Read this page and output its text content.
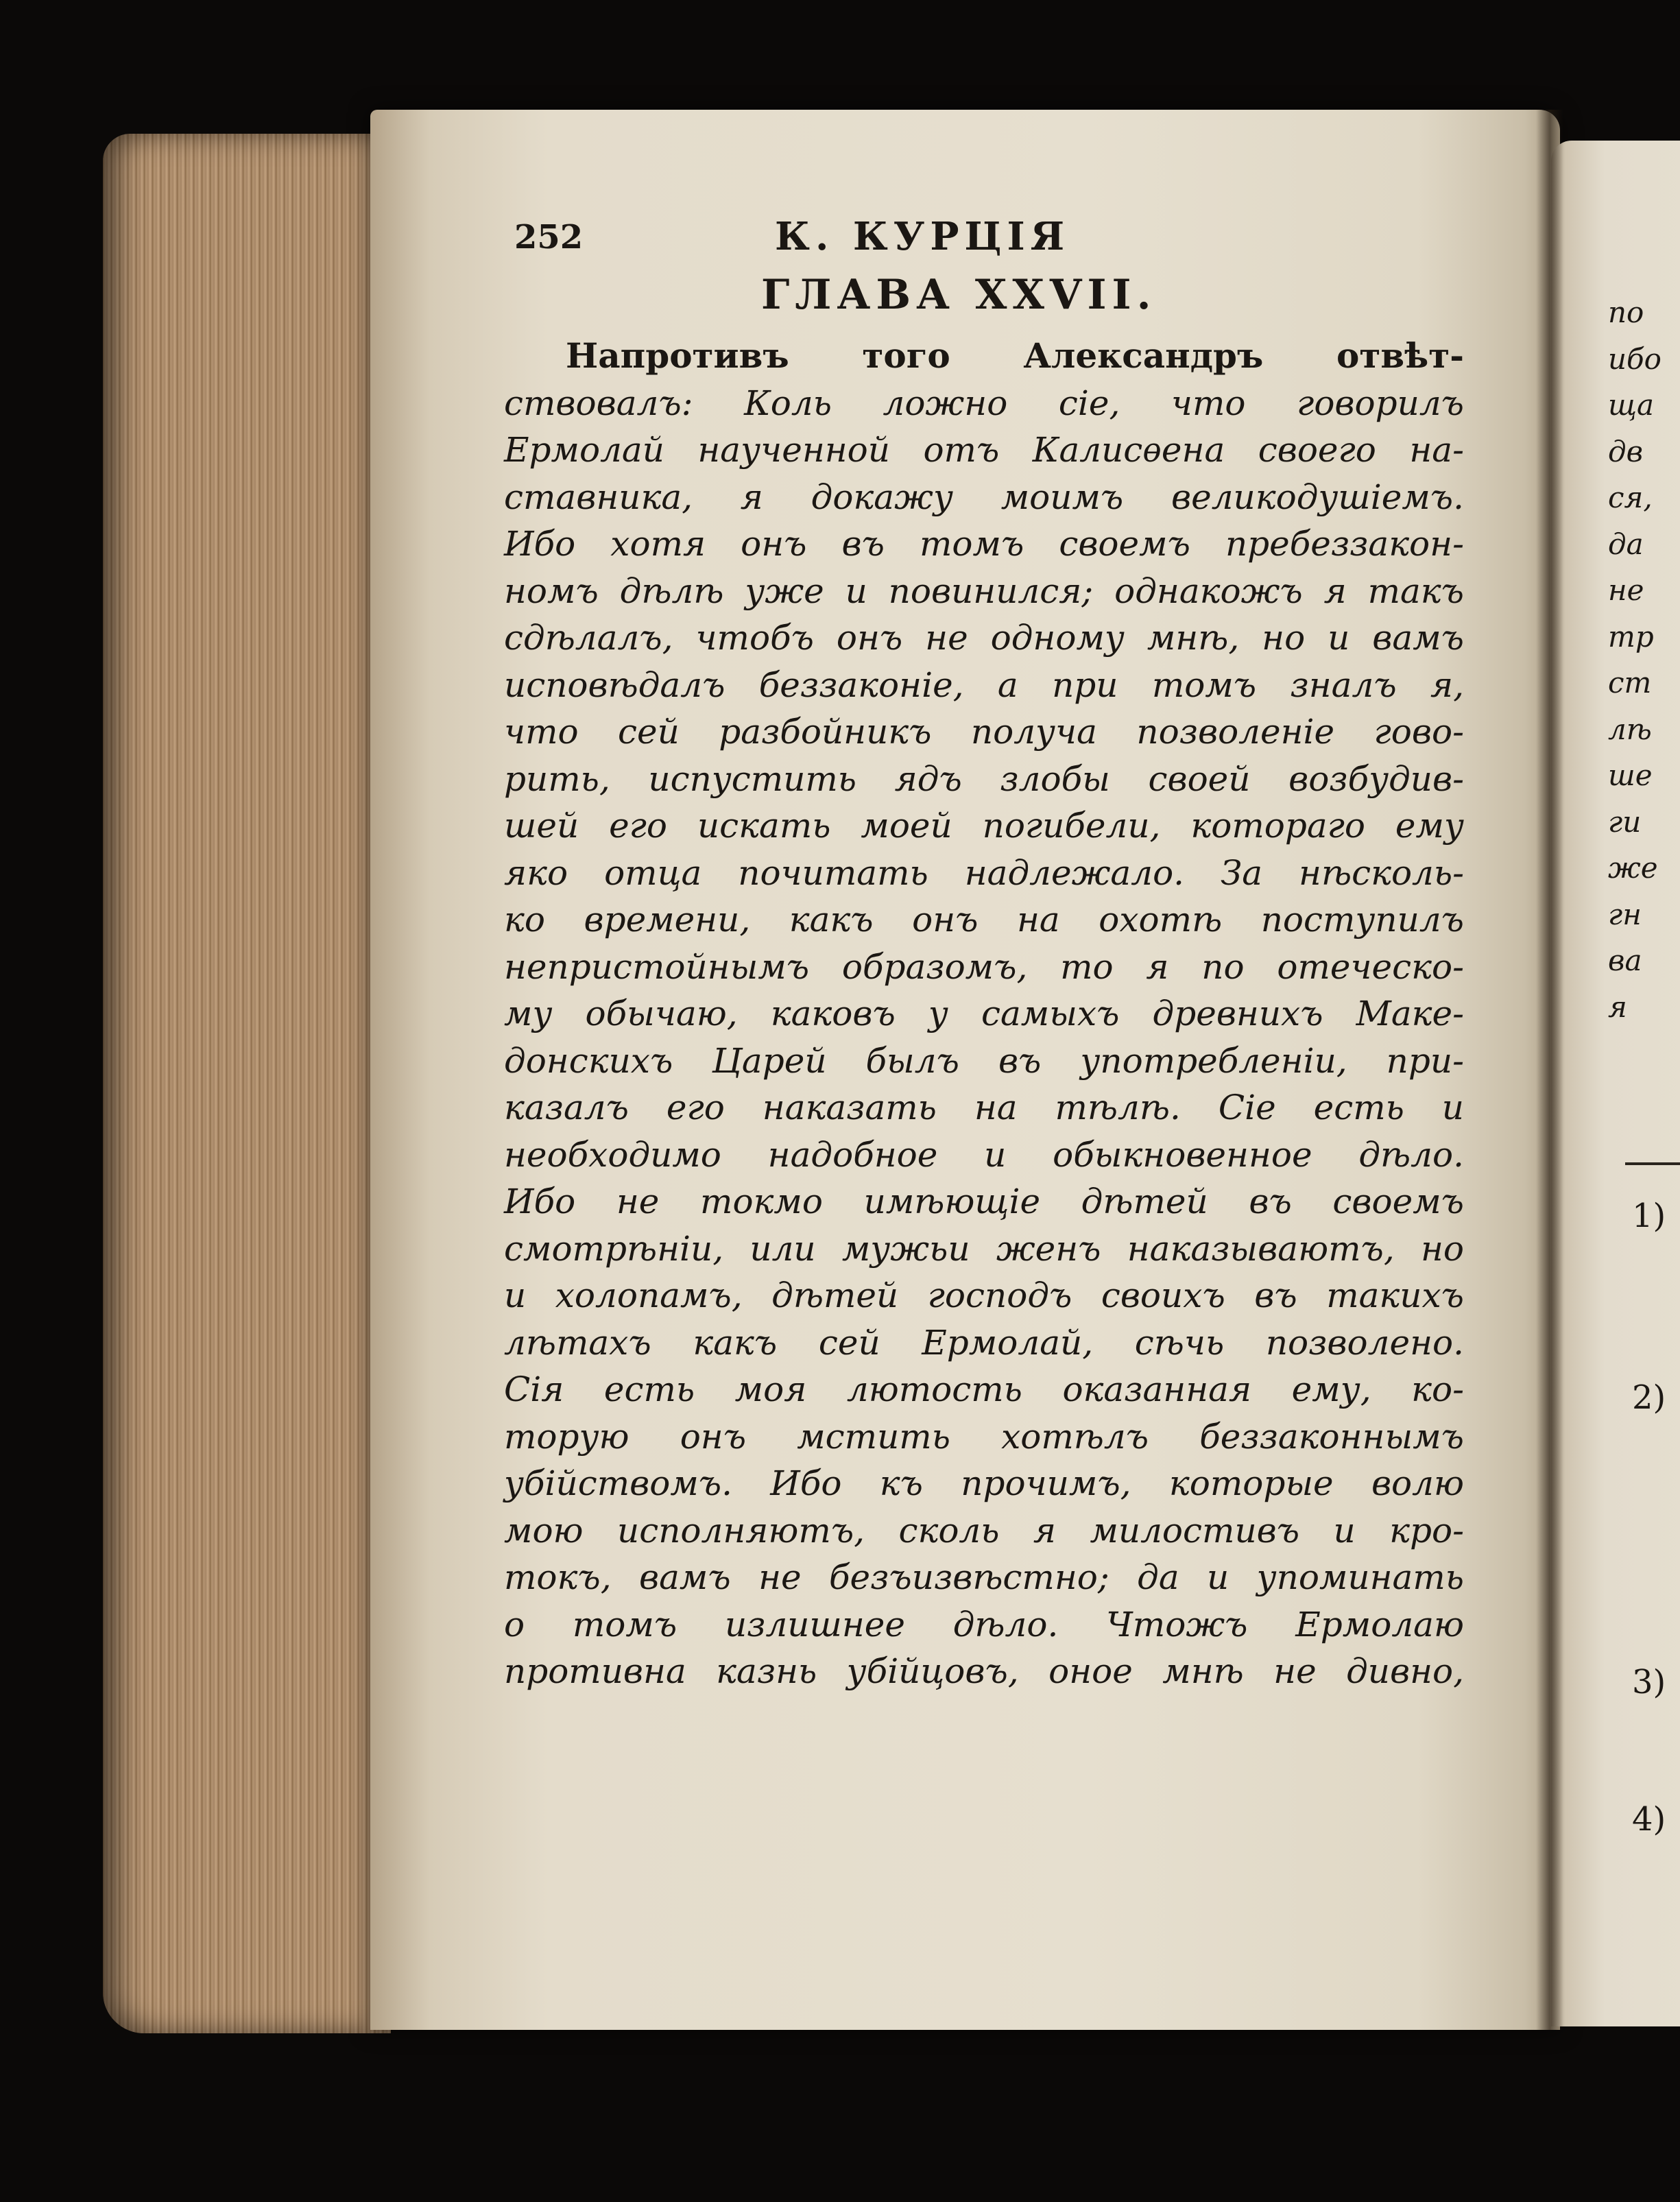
252	К. КУРЦІЯ
ГЛАВА XXVII.
Напротивъ того Александръ отвѣт-
ствовалъ: Коль ложно сіе, что говорилъ
Ермолай наученной отъ Калисѳена своего на-
ставника, я докажу моимъ великодушіемъ.
Ибо хотя онъ въ томъ своемъ пребеззакон-
номъ дѣлѣ уже и повинился; однакожъ я такъ
сдѣлалъ, чтобъ онъ не одному мнѣ, но и вамъ
исповѣдалъ беззаконіе, а при томъ зналъ я,
что сей разбойникъ получа позволеніе гово-
рить, испустить ядъ злобы своей возбудив-
шей его искать моей погибели, котораго ему
яко отца почитать надлежало. За нѣсколь-
ко времени, какъ онъ на охотѣ поступилъ
непристойнымъ образомъ, то я по отеческо-
му обычаю, каковъ у самыхъ древнихъ Маке-
донскихъ Царей былъ въ употребленіи, при-
казалъ его наказать на тѣлѣ. Сіе есть и
необходимо надобное и обыкновенное дѣло.
Ибо не токмо имѣющіе дѣтей въ своемъ
смотрѣніи, или мужьи женъ наказываютъ, но
и холопамъ, дѣтей господъ своихъ въ такихъ
лѣтахъ какъ сей Ермолай, сѣчь позволено.
Сія есть моя лютость оказанная ему, ко-
торую онъ мстить хотѣлъ беззаконнымъ
убійствомъ. Ибо къ прочимъ, которые волю
мою исполняютъ, сколь я милостивъ и кро-
токъ, вамъ не безъизвѣстно; да и упоминать
о томъ излишнее дѣло. Чтожъ Ермолаю
противна казнь убійцовъ, оное мнѣ не дивно,
по
ибо
ща
дв
ся,
да
не
тр
ст
лѣ
ше
ги
же
гн
ва
я
1)
2)
3)
4)
